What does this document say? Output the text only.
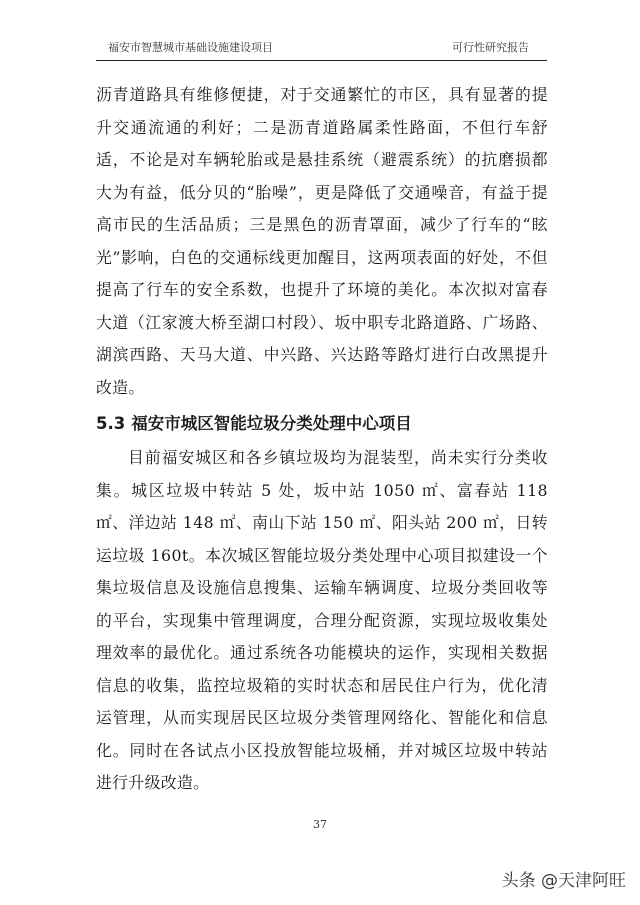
福安市智慧城市基础设施建设项目	可行性研究报告

沥青道路具有维修便捷，对于交通繁忙的市区，具有显著的提升交通流通的利好；二是沥青道路属柔性路面，不但行车舒适，不论是对车辆轮胎或是悬挂系统（避震系统）的抗磨损都大为有益，低分贝的“胎噪”，更是降低了交通噪音，有益于提高市民的生活品质；三是黑色的沥青罩面，减少了行车的“眩光”影响，白色的交通标线更加醒目，这两项表面的好处，不但提高了行车的安全系数，也提升了环境的美化。本次拟对富春大道（江家渡大桥至湖口村段）、坂中职专北路道路、广场路、湖滨西路、天马大道、中兴路、兴达路等路灯进行白改黑提升改造。

5.3 福安市城区智能垃圾分类处理中心项目

目前福安城区和各乡镇垃圾均为混装型，尚未实行分类收集。城区垃圾中转站 5 处，坂中站 1050 ㎡、富春站 118 ㎡、洋边站 148 ㎡、南山下站 150 ㎡、阳头站 200 ㎡，日转运垃圾 160t。本次城区智能垃圾分类处理中心项目拟建设一个集垃圾信息及设施信息搜集、运输车辆调度、垃圾分类回收等的平台，实现集中管理调度，合理分配资源，实现垃圾收集处理效率的最优化。通过系统各功能模块的运作，实现相关数据信息的收集，监控垃圾箱的实时状态和居民住户行为，优化清运管理，从而实现居民区垃圾分类管理网络化、智能化和信息化。同时在各试点小区投放智能垃圾桶，并对城区垃圾中转站进行升级改造。

37
头条 @天津阿旺
